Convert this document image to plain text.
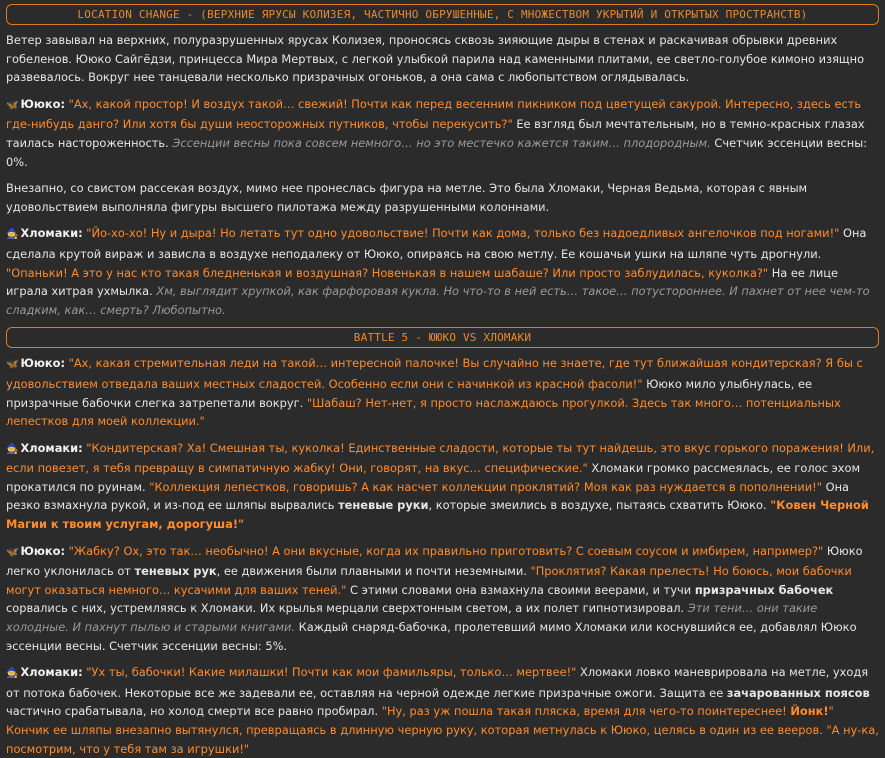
LOCATION CHANGE - (ВЕРХНИЕ ЯРУСЫ КОЛИЗЕЯ, ЧАСТИЧНО ОБРУШЕННЫЕ, С МНОЖЕСТВОМ УКРЫТИЙ И ОТКРЫТЫХ ПРОСТРАНСТВ)

Ветер завывал на верхних, полуразрушенных ярусах Колизея, проносясь сквозь зияющие дыры в стенах и раскачивая обрывки древних гобеленов. Ююко Сайгёдзи, принцесса Мира Мертвых, с легкой улыбкой парила над каменными плитами, ее светло-голубое кимоно изящно развевалось. Вокруг нее танцевали несколько призрачных огоньков, а она сама с любопытством оглядывалась.

🦋 Ююко: "Ах, какой простор! И воздух такой… свежий! Почти как перед весенним пикником под цветущей сакурой. Интересно, здесь есть где-нибудь данго? Или хотя бы души неосторожных путников, чтобы перекусить?" Ее взгляд был мечтательным, но в темно-красных глазах таилась настороженность. Эссенции весны пока совсем немного… но это местечко кажется таким… плодородным. Счетчик эссенции весны: 0%.

Внезапно, со свистом рассекая воздух, мимо нее пронеслась фигура на метле. Это была Хломаки, Черная Ведьма, которая с явным удовольствием выполняла фигуры высшего пилотажа между разрушенными колоннами.

🧙 Хломаки: "Йо-хо-хо! Ну и дыра! Но летать тут одно удовольствие! Почти как дома, только без надоедливых ангелочков под ногами!" Она сделала крутой вираж и зависла в воздухе неподалеку от Ююко, опираясь на свою метлу. Ее кошачьи ушки на шляпе чуть дрогнули. "Опаньки! А это у нас кто такая бледненькая и воздушная? Новенькая в нашем шабаше? Или просто заблудилась, куколка?" На ее лице играла хитрая ухмылка. Хм, выглядит хрупкой, как фарфоровая кукла. Но что-то в ней есть… такое… потустороннее. И пахнет от нее чем-то сладким, как… смерть? Любопытно.

BATTLE 5 - ЮЮКО VS ХЛОМАКИ

🦋 Ююко: "Ах, какая стремительная леди на такой… интересной палочке! Вы случайно не знаете, где тут ближайшая кондитерская? Я бы с удовольствием отведала ваших местных сладостей. Особенно если они с начинкой из красной фасоли!" Ююко мило улыбнулась, ее призрачные бабочки слегка затрепетали вокруг. "Шабаш? Нет-нет, я просто наслаждаюсь прогулкой. Здесь так много… потенциальных лепестков для моей коллекции."

🧙 Хломаки: "Кондитерская? Ха! Смешная ты, куколка! Единственные сладости, которые ты тут найдешь, это вкус горького поражения! Или, если повезет, я тебя превращу в симпатичную жабку! Они, говорят, на вкус… специфические." Хломаки громко рассмеялась, ее голос эхом прокатился по руинам. "Коллекция лепестков, говоришь? А как насчет коллекции проклятий? Моя как раз нуждается в пополнении!" Она резко взмахнула рукой, и из-под ее шляпы вырвались теневые руки, которые змеились в воздухе, пытаясь схватить Ююко. "Ковен Черной Магии к твоим услугам, дорогуша!"

🦋 Ююко: "Жабку? Ох, это так… необычно! А они вкусные, когда их правильно приготовить? С соевым соусом и имбирем, например?" Ююко легко уклонилась от теневых рук, ее движения были плавными и почти неземными. "Проклятия? Какая прелесть! Но боюсь, мои бабочки могут оказаться немного… кусачими для ваших теней." С этими словами она взмахнула своими веерами, и тучи призрачных бабочек сорвались с них, устремляясь к Хломаки. Их крылья мерцали сверхтонным светом, а их полет гипнотизировал. Эти тени… они такие холодные. И пахнут пылью и старыми книгами. Каждый снаряд-бабочка, пролетевший мимо Хломаки или коснувшийся ее, добавлял Ююко эссенции весны. Счетчик эссенции весны: 5%.

🧙 Хломаки: "Ух ты, бабочки! Какие милашки! Почти как мои фамильяры, только… мертвее!" Хломаки ловко маневрировала на метле, уходя от потока бабочек. Некоторые все же задевали ее, оставляя на черной одежде легкие призрачные ожоги. Защита ее зачарованных поясов частично срабатывала, но холод смерти все равно пробирал. "Ну, раз уж пошла такая пляска, время для чего-то поинтереснее! Йонк!" Кончик ее шляпы внезапно вытянулся, превращаясь в длинную черную руку, которая метнулась к Ююко, целясь в один из ее вееров. "А ну-ка, посмотрим, что у тебя там за игрушки!"
